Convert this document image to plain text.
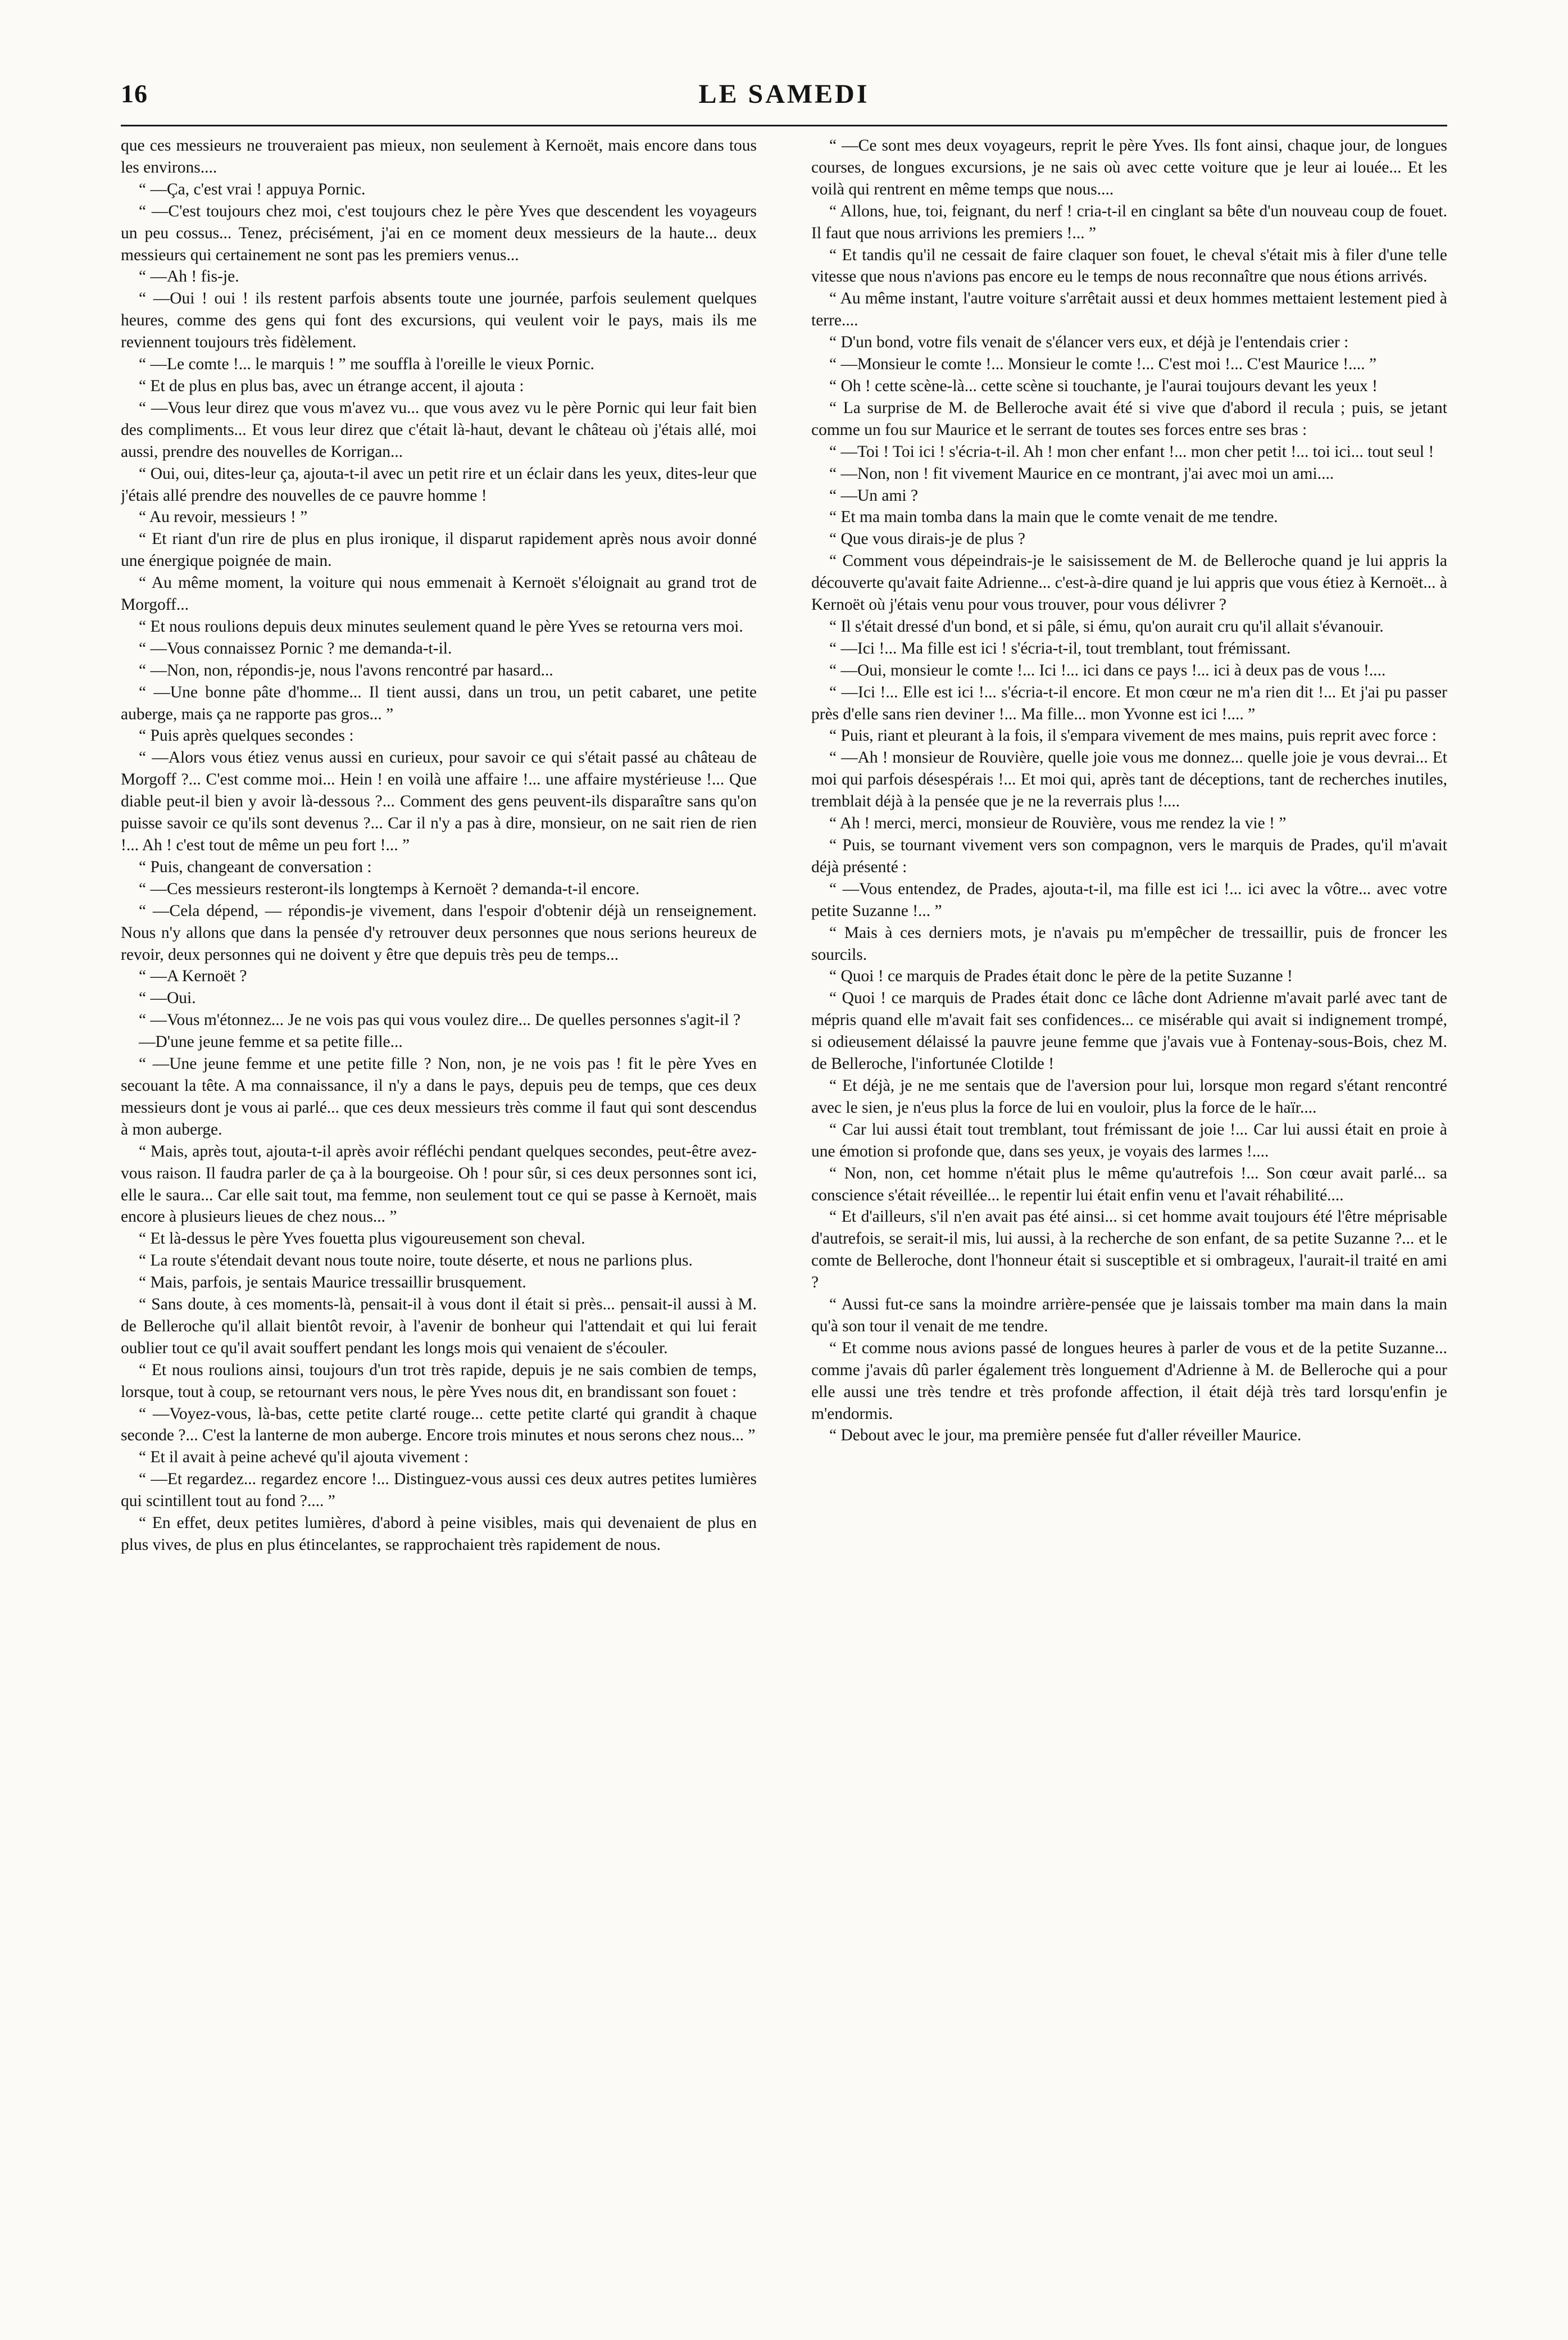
16	LE SAMEDI

que ces messieurs ne trouveraient pas mieux, non seulement à Kernoët, mais encore dans tous les environs....

“ —Ça, c'est vrai ! appuya Pornic.

“ —C'est toujours chez moi, c'est toujours chez le père Yves que descendent les voyageurs un peu cossus... Tenez, précisément, j'ai en ce moment deux messieurs de la haute... deux messieurs qui certainement ne sont pas les premiers venus...

“ —Ah ! fis-je.

“ —Oui ! oui ! ils restent parfois absents toute une journée, parfois seulement quelques heures, comme des gens qui font des excursions, qui veulent voir le pays, mais ils me reviennent toujours très fidèlement.

“ —Le comte !... le marquis ! ” me souffla à l'oreille le vieux Pornic.

“ Et de plus en plus bas, avec un étrange accent, il ajouta :

“ —Vous leur direz que vous m'avez vu... que vous avez vu le père Pornic qui leur fait bien des compliments... Et vous leur direz que c'était là-haut, devant le château où j'étais allé, moi aussi, prendre des nouvelles de Korrigan...

“ Oui, oui, dites-leur ça, ajouta-t-il avec un petit rire et un éclair dans les yeux, dites-leur que j'étais allé prendre des nouvelles de ce pauvre homme !

“ Au revoir, messieurs ! ”

“ Et riant d'un rire de plus en plus ironique, il disparut rapidement après nous avoir donné une énergique poignée de main.

“ Au même moment, la voiture qui nous emmenait à Kernoët s'éloignait au grand trot de Morgoff...

“ Et nous roulions depuis deux minutes seulement quand le père Yves se retourna vers moi.

“ —Vous connaissez Pornic ? me demanda-t-il.

“ —Non, non, répondis-je, nous l'avons rencontré par hasard...

“ —Une bonne pâte d'homme... Il tient aussi, dans un trou, un petit cabaret, une petite auberge, mais ça ne rapporte pas gros... ”

“ Puis après quelques secondes :

“ —Alors vous étiez venus aussi en curieux, pour savoir ce qui s'était passé au château de Morgoff ?... C'est comme moi... Hein ! en voilà une affaire !... une affaire mystérieuse !... Que diable peut-il bien y avoir là-dessous ?... Comment des gens peuvent-ils disparaître sans qu'on puisse savoir ce qu'ils sont devenus ?... Car il n'y a pas à dire, monsieur, on ne sait rien de rien !... Ah ! c'est tout de même un peu fort !... ”

“ Puis, changeant de conversation :

“ —Ces messieurs resteront-ils longtemps à Kernoët ? demanda-t-il encore.

“ —Cela dépend, — répondis-je vivement, dans l'espoir d'obtenir déjà un renseignement. Nous n'y allons que dans la pensée d'y retrouver deux personnes que nous serions heureux de revoir, deux personnes qui ne doivent y être que depuis très peu de temps...

“ —A Kernoët ?

“ —Oui.

“ —Vous m'étonnez... Je ne vois pas qui vous voulez dire... De quelles personnes s'agit-il ?

—D'une jeune femme et sa petite fille...

“ —Une jeune femme et une petite fille ? Non, non, je ne vois pas ! fit le père Yves en secouant la tête. A ma connaissance, il n'y a dans le pays, depuis peu de temps, que ces deux messieurs dont je vous ai parlé... que ces deux messieurs très comme il faut qui sont descendus à mon auberge.

“ Mais, après tout, ajouta-t-il après avoir réfléchi pendant quelques secondes, peut-être avez-vous raison. Il faudra parler de ça à la bourgeoise. Oh ! pour sûr, si ces deux personnes sont ici, elle le saura... Car elle sait tout, ma femme, non seulement tout ce qui se passe à Kernoët, mais encore à plusieurs lieues de chez nous... ”

“ Et là-dessus le père Yves fouetta plus vigoureusement son cheval.

“ La route s'étendait devant nous toute noire, toute déserte, et nous ne parlions plus.

“ Mais, parfois, je sentais Maurice tressaillir brusquement.

“ Sans doute, à ces moments-là, pensait-il à vous dont il était si près... pensait-il aussi à M. de Belleroche qu'il allait bientôt revoir, à l'avenir de bonheur qui l'attendait et qui lui ferait oublier tout ce qu'il avait souffert pendant les longs mois qui venaient de s'écouler.

“ Et nous roulions ainsi, toujours d'un trot très rapide, depuis je ne sais combien de temps, lorsque, tout à coup, se retournant vers nous, le père Yves nous dit, en brandissant son fouet :

“ —Voyez-vous, là-bas, cette petite clarté rouge... cette petite clarté qui grandit à chaque seconde ?... C'est la lanterne de mon auberge. Encore trois minutes et nous serons chez nous... ”

“ Et il avait à peine achevé qu'il ajouta vivement :

“ —Et regardez... regardez encore !... Distinguez-vous aussi ces deux autres petites lumières qui scintillent tout au fond ?.... ”

“ En effet, deux petites lumières, d'abord à peine visibles, mais qui devenaient de plus en plus vives, de plus en plus étincelantes, se rapprochaient très rapidement de nous.

“ —Ce sont mes deux voyageurs, reprit le père Yves. Ils font ainsi, chaque jour, de longues courses, de longues excursions, je ne sais où avec cette voiture que je leur ai louée... Et les voilà qui rentrent en même temps que nous....

“ Allons, hue, toi, feignant, du nerf ! cria-t-il en cinglant sa bête d'un nouveau coup de fouet. Il faut que nous arrivions les premiers !... ”

“ Et tandis qu'il ne cessait de faire claquer son fouet, le cheval s'était mis à filer d'une telle vitesse que nous n'avions pas encore eu le temps de nous reconnaître que nous étions arrivés.

“ Au même instant, l'autre voiture s'arrêtait aussi et deux hommes mettaient lestement pied à terre....

“ D'un bond, votre fils venait de s'élancer vers eux, et déjà je l'entendais crier :

“ —Monsieur le comte !... Monsieur le comte !... C'est moi !... C'est Maurice !.... ”

“ Oh ! cette scène-là... cette scène si touchante, je l'aurai toujours devant les yeux !

“ La surprise de M. de Belleroche avait été si vive que d'abord il recula ; puis, se jetant comme un fou sur Maurice et le serrant de toutes ses forces entre ses bras :

“ —Toi ! Toi ici ! s'écria-t-il. Ah ! mon cher enfant !... mon cher petit !... toi ici... tout seul !

“ —Non, non ! fit vivement Maurice en ce montrant, j'ai avec moi un ami....

“ —Un ami ?

“ Et ma main tomba dans la main que le comte venait de me tendre.

“ Que vous dirais-je de plus ?

“ Comment vous dépeindrais-je le saisissement de M. de Belleroche quand je lui appris la découverte qu'avait faite Adrienne... c'est-à-dire quand je lui appris que vous étiez à Kernoët... à Kernoët où j'étais venu pour vous trouver, pour vous délivrer ?

“ Il s'était dressé d'un bond, et si pâle, si ému, qu'on aurait cru qu'il allait s'évanouir.

“ —Ici !... Ma fille est ici ! s'écria-t-il, tout tremblant, tout frémissant.

“ —Oui, monsieur le comte !... Ici !... ici dans ce pays !... ici à deux pas de vous !....

“ —Ici !... Elle est ici !... s'écria-t-il encore. Et mon cœur ne m'a rien dit !... Et j'ai pu passer près d'elle sans rien deviner !... Ma fille... mon Yvonne est ici !.... ”

“ Puis, riant et pleurant à la fois, il s'empara vivement de mes mains, puis reprit avec force :

“ —Ah ! monsieur de Rouvière, quelle joie vous me donnez... quelle joie je vous devrai... Et moi qui parfois désespérais !... Et moi qui, après tant de déceptions, tant de recherches inutiles, tremblait déjà à la pensée que je ne la reverrais plus !....

“ Ah ! merci, merci, monsieur de Rouvière, vous me rendez la vie ! ”

“ Puis, se tournant vivement vers son compagnon, vers le marquis de Prades, qu'il m'avait déjà présenté :

“ —Vous entendez, de Prades, ajouta-t-il, ma fille est ici !... ici avec la vôtre... avec votre petite Suzanne !... ”

“ Mais à ces derniers mots, je n'avais pu m'empêcher de tressaillir, puis de froncer les sourcils.

“ Quoi ! ce marquis de Prades était donc le père de la petite Suzanne !

“ Quoi ! ce marquis de Prades était donc ce lâche dont Adrienne m'avait parlé avec tant de mépris quand elle m'avait fait ses confidences... ce misérable qui avait si indignement trompé, si odieusement délaissé la pauvre jeune femme que j'avais vue à Fontenay-sous-Bois, chez M. de Belleroche, l'infortunée Clotilde !

“ Et déjà, je ne me sentais que de l'aversion pour lui, lorsque mon regard s'étant rencontré avec le sien, je n'eus plus la force de lui en vouloir, plus la force de le haïr....

“ Car lui aussi était tout tremblant, tout frémissant de joie !... Car lui aussi était en proie à une émotion si profonde que, dans ses yeux, je voyais des larmes !....

“ Non, non, cet homme n'était plus le même qu'autrefois !... Son cœur avait parlé... sa conscience s'était réveillée... le repentir lui était enfin venu et l'avait réhabilité....

“ Et d'ailleurs, s'il n'en avait pas été ainsi... si cet homme avait toujours été l'être méprisable d'autrefois, se serait-il mis, lui aussi, à la recherche de son enfant, de sa petite Suzanne ?... et le comte de Belleroche, dont l'honneur était si susceptible et si ombrageux, l'aurait-il traité en ami ?

“ Aussi fut-ce sans la moindre arrière-pensée que je laissais tomber ma main dans la main qu'à son tour il venait de me tendre.

“ Et comme nous avions passé de longues heures à parler de vous et de la petite Suzanne... comme j'avais dû parler également très longuement d'Adrienne à M. de Belleroche qui a pour elle aussi une très tendre et très profonde affection, il était déjà très tard lorsqu'enfin je m'endormis.

“ Debout avec le jour, ma première pensée fut d'aller réveiller Maurice.
